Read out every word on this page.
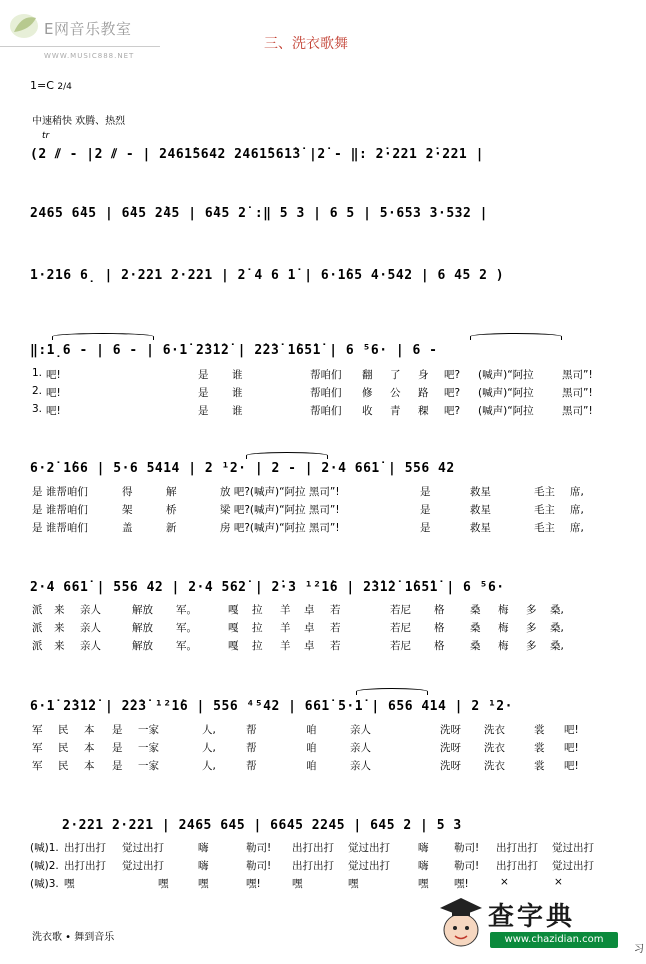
E网音乐教室
WWW.MUSIC888.NET
三、洗衣歌舞
1=C 2/4
中速稍快 欢腾、热烈
tr
(2 ⫽ - |2 ⫽ - | 2461̇5642 2461̇561̇3̇ |2̇ - ‖: 2̇·221 2̇·221 |
2465 6̇45 | 6̇45 2̇45 | 6̇45 2̇ :‖ 5 3 | 6 5 | 5·653 3·532 |
1·216 6̣ | 2·221 2·221 | 2̇ 4 6 1̇ | 6·1̇65 4·542 | 6 45 2 )
‖:1̣6 - | 6 - | 6·1̇ 2̇3̇1̇2̇ | 2̇2̇3̇ 1̇65̇1̇ | 6 ⁵6· | 6 -
1. 吧!	是 谁	帮咱们 翻 了 身 吧? (喊声)“阿拉	黑司”!
2. 吧!	是 谁	帮咱们 修 公 路 吧? (喊声)“阿拉	黑司”!
3. 吧!	是 谁	帮咱们 收 青 稞 吧? (喊声)“阿拉	黑司”!
6·2̇ 1̇66 | 5·6 5414 | 2 ¹2· | 2 - | 2·4 661̇ | 556 42
是 谁帮咱们	得	解	放 吧?(喊声)“阿拉 黑司”!	是	救星	毛主 席,
是 谁帮咱们	架	桥	梁 吧?(喊声)“阿拉 黑司”!	是	救星	毛主 席,
是 谁帮咱们	盖	新	房 吧?(喊声)“阿拉 黑司”!	是	救星	毛主 席,
2·4 661̇ | 556 42 | 2·4 562̇ | 2̇·3 ¹²1̇6 | 2̇3̇1̇2̇ 1̇65̇1̇ | 6 ⁵6·
派 来 亲人	解放 军。	嘎 拉 羊 卓 若	若尼 格 桑 梅 多 桑,
派 来 亲人	解放 军。	嘎 拉 羊 卓 若	若尼 格 桑 梅 多 桑,
派 来 亲人	解放 军。	嘎 拉 羊 卓 若	若尼 格 桑 梅 多 桑,
6·1̇ 2̇3̇1̇2̇ | 2̇2̇3̇ ¹²1̇6 | 556 ⁴⁵42 | 661̇ 5·1̇ | 656 414 | 2 ¹2·
军 民 本 是 一家	人,	帮	咱	亲人	洗呀 洗衣	裳 吧!
军 民 本 是 一家	人,	帮	咱	亲人	洗呀 洗衣	裳 吧!
军 民 本 是 一家	人,	帮	咱	亲人	洗呀 洗衣	裳 吧!
2·221 2·221 | 2465 645 | 6645 2245 | 645 2 | 5 3
(喊)1. 出打出打 觉过出打	嗨	勒司! 出打出打 觉过出打	嗨 勒司! 出打出打 觉过出打
(喊)2. 出打出打 觉过出打	嗨	勒司! 出打出打 觉过出打	嗨 勒司! 出打出打 觉过出打
(喊)3. 嘿	嘿	嘿	嘿!	嘿	嘿	嘿 嘿!	×	×
洗衣歌 • 舞到音乐
查字典
www.chazidian.com
习
